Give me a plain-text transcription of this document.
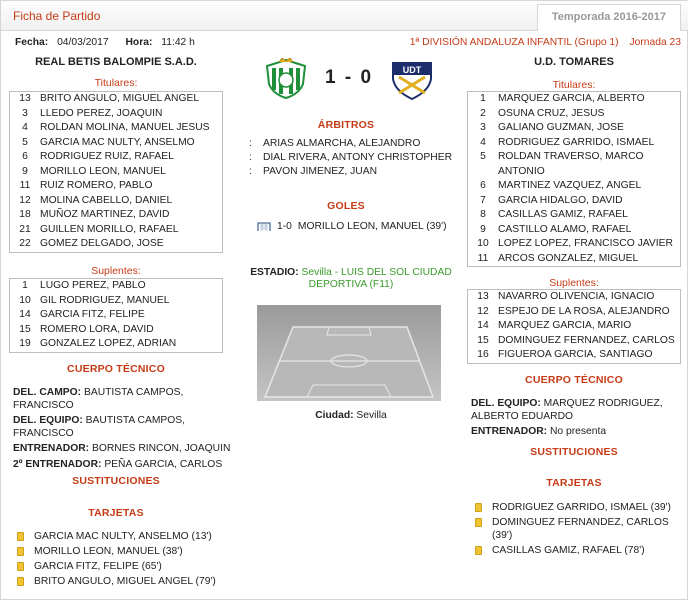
Ficha de Partido	Temporada 2016-2017
Fecha: 04/03/2017 Hora: 11:42 h	1ª DIVISIÓN ANDALUZA INFANTIL (Grupo 1) Jornada 23
REAL BETIS BALOMPIE S.A.D.	U.D. TOMARES
1 - 0	UDT
Titulares:
13 BRITO ANGULO, MIGUEL ANGEL
3	LLEDO PEREZ, JOAQUIN
4	ROLDAN MOLINA, MANUEL JESUS
5	GARCIA MAC NULTY, ANSELMO
6	RODRIGUEZ RUIZ, RAFAEL
9	MORILLO LEON, MANUEL
11 RUIZ ROMERO, PABLO
12 MOLINA CABELLO, DANIEL
18 MUÑOZ MARTINEZ, DAVID
21 GUILLEN MORILLO, RAFAEL
22 GOMEZ DELGADO, JOSE
Suplentes:
1	LUGO PEREZ, PABLO
10 GIL RODRIGUEZ, MANUEL
14 GARCIA FITZ, FELIPE
15 ROMERO LORA, DAVID
19 GONZALEZ LOPEZ, ADRIAN
CUERPO TÉCNICO
DEL. CAMPO: BAUTISTA CAMPOS, FRANCISCO
DEL. EQUIPO: BAUTISTA CAMPOS, FRANCISCO
ENTRENADOR: BORNES RINCON, JOAQUIN
2º ENTRENADOR: PEÑA GARCIA, CARLOS
SUSTITUCIONES
TARJETAS
GARCIA MAC NULTY, ANSELMO (13')
MORILLO LEON, MANUEL (38')
GARCIA FITZ, FELIPE (65')
BRITO ANGULO, MIGUEL ANGEL (79')
ÁRBITROS
:	ARIAS ALMARCHA, ALEJANDRO
:	DIAL RIVERA, ANTONY CHRISTOPHER
:	PAVON JIMENEZ, JUAN
GOLES
1-0 MORILLO LEON, MANUEL (39')
ESTADIO: Sevilla - LUIS DEL SOL CIUDAD DEPORTIVA (F11)
Ciudad: Sevilla
Titulares:
1	MARQUEZ GARCIA, ALBERTO
2	OSUNA CRUZ, JESUS
3	GALIANO GUZMAN, JOSE
4	RODRIGUEZ GARRIDO, ISMAEL
5	ROLDAN TRAVERSO, MARCO ANTONIO
6	MARTINEZ VAZQUEZ, ANGEL
7	GARCIA HIDALGO, DAVID
8	CASILLAS GAMIZ, RAFAEL
9	CASTILLO ALAMO, RAFAEL
10 LOPEZ LOPEZ, FRANCISCO JAVIER
11 ARCOS GONZALEZ, MIGUEL
Suplentes:
13 NAVARRO OLIVENCIA, IGNACIO
12 ESPEJO DE LA ROSA, ALEJANDRO
14 MARQUEZ GARCIA, MARIO
15 DOMINGUEZ FERNANDEZ, CARLOS
16 FIGUEROA GARCIA, SANTIAGO
CUERPO TÉCNICO
DEL. EQUIPO: MARQUEZ RODRIGUEZ, ALBERTO EDUARDO
ENTRENADOR: No presenta
SUSTITUCIONES
TARJETAS
RODRIGUEZ GARRIDO, ISMAEL (39')
DOMINGUEZ FERNANDEZ, CARLOS (39')
CASILLAS GAMIZ, RAFAEL (78')
